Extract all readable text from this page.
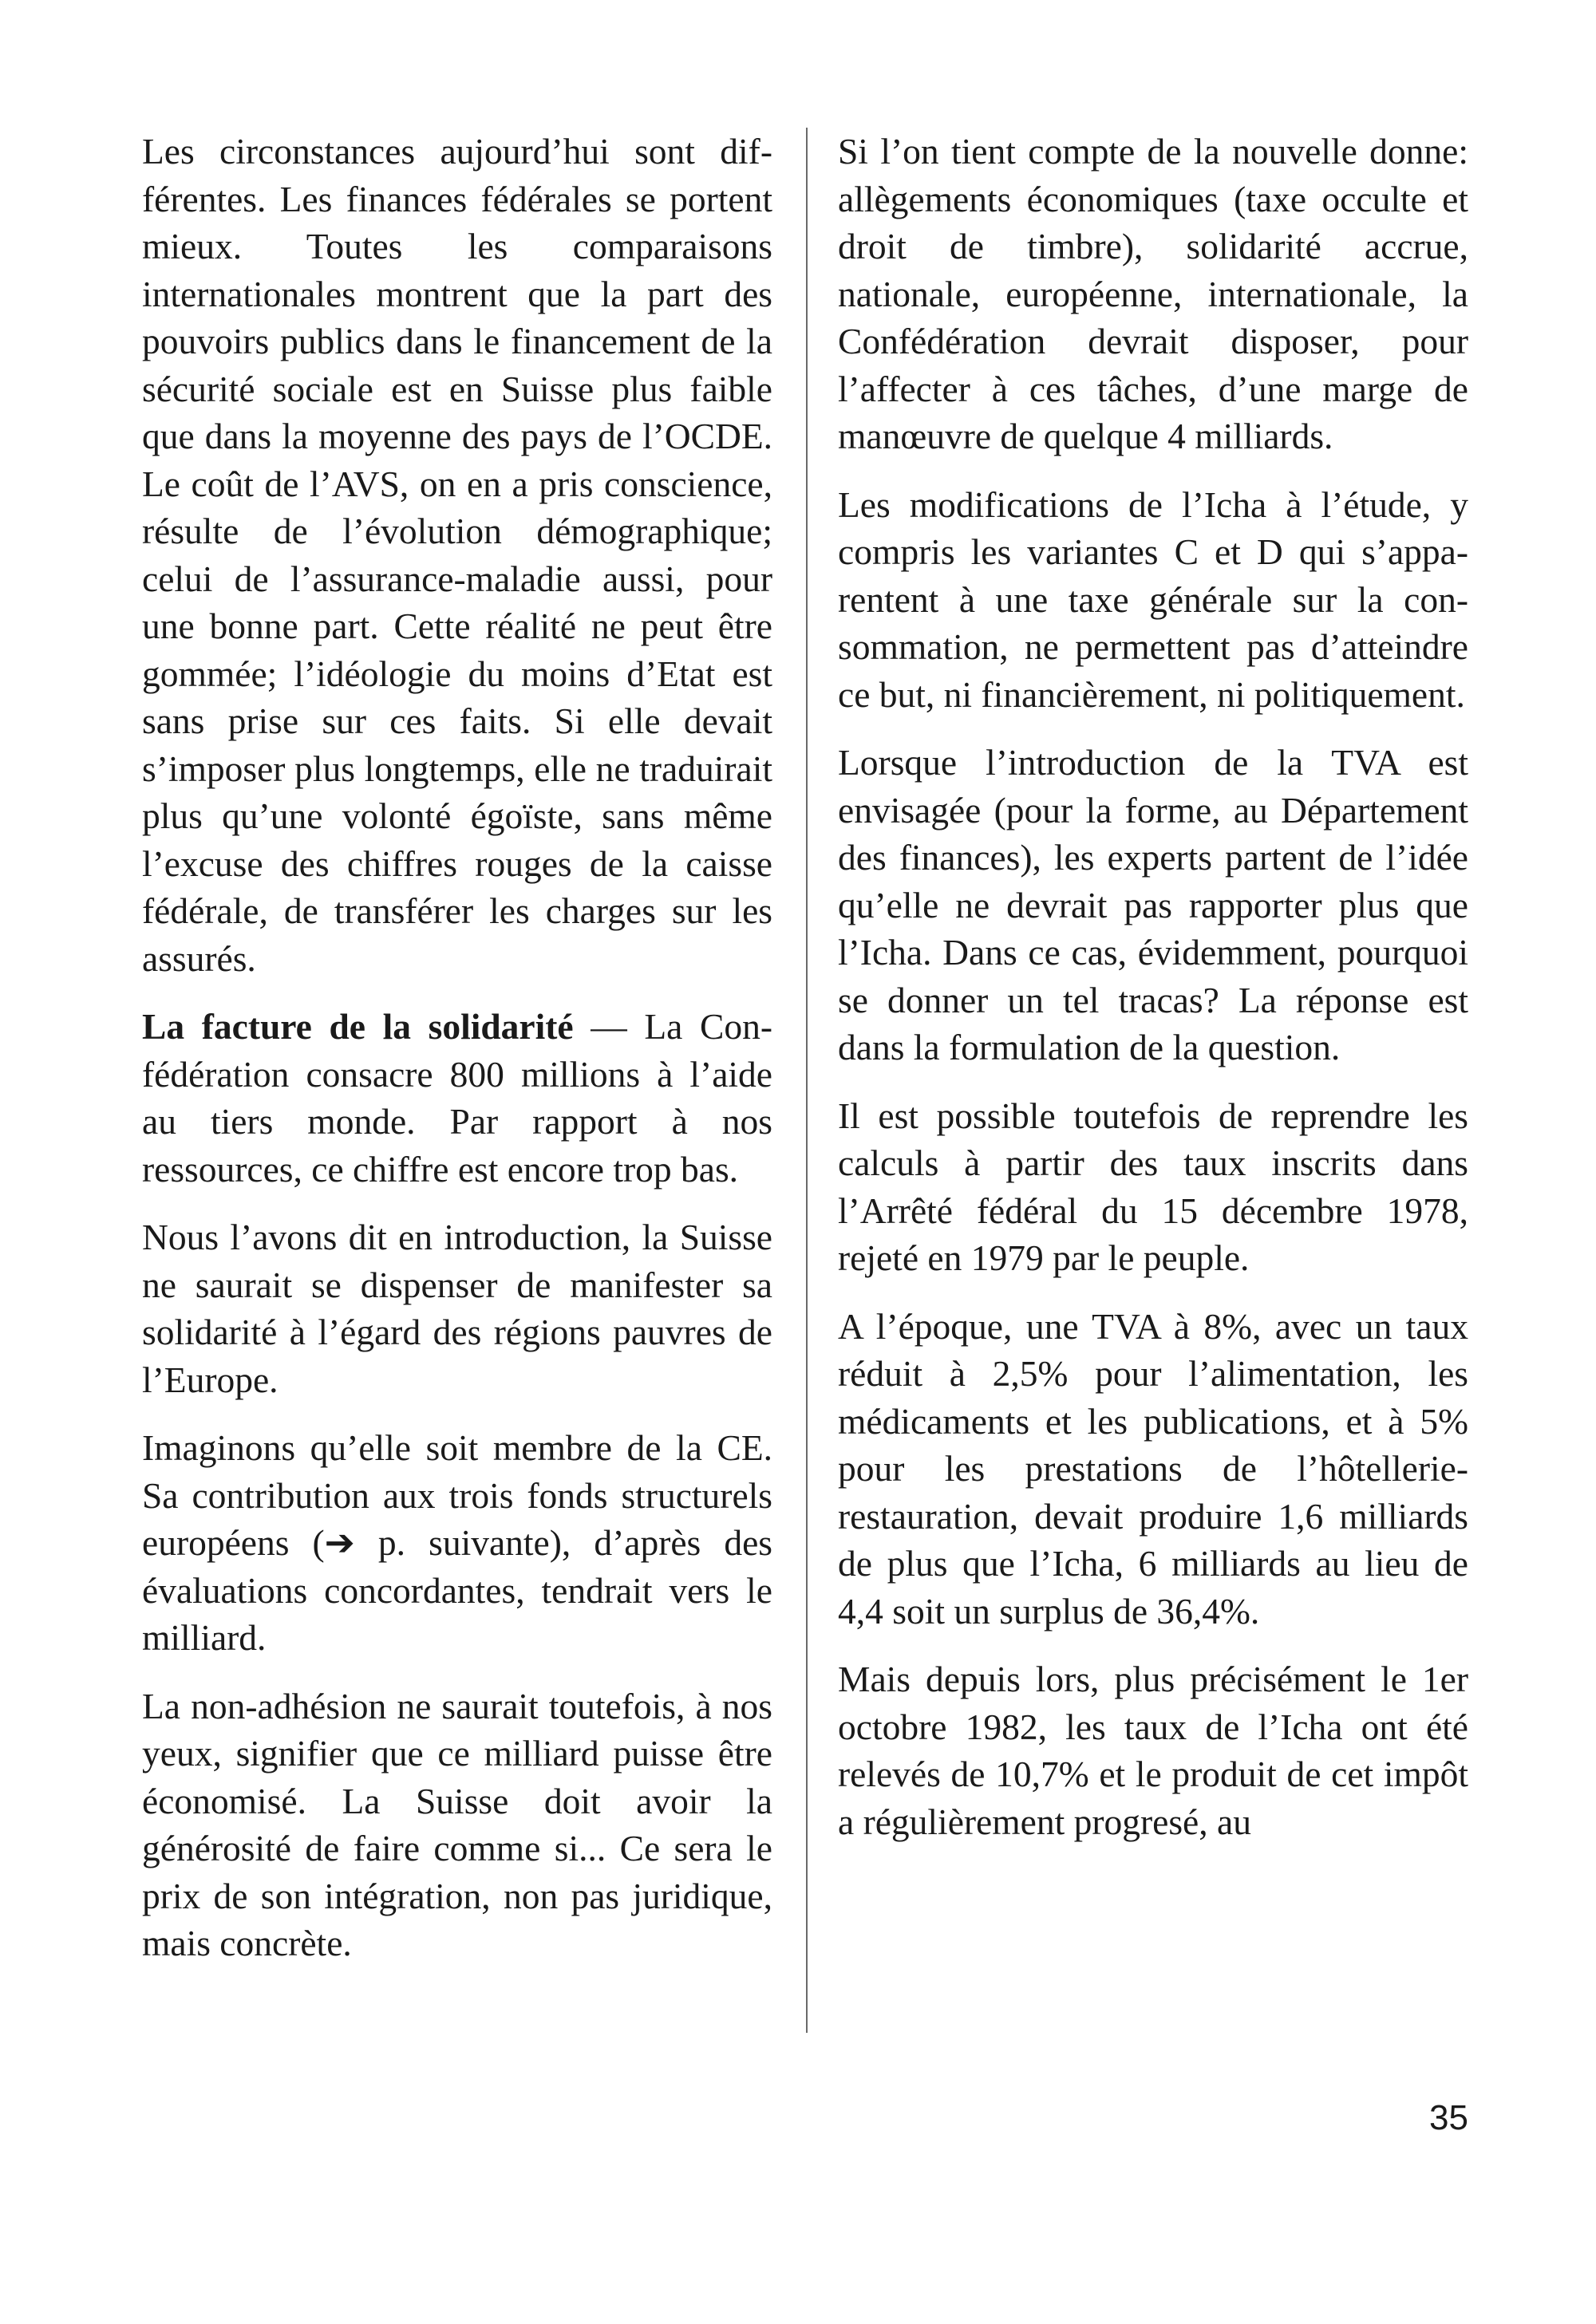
Les circonstances aujourd’hui sont différentes. Les finances fédérales se portent mieux. Toutes les comparaisons internationales montrent que la part des pouvoirs publics dans le financement de la sécurité sociale est en Suisse plus faible que dans la moyenne des pays de l’OCDE. Le coût de l’AVS, on en a pris conscience, résulte de l’évolution démographique; celui de l’assurance-maladie aussi, pour une bonne part. Cette réalité ne peut être gommée; l’idéologie du moins d’Etat est sans prise sur ces faits. Si elle devait s’imposer plus longtemps, elle ne traduirait plus qu’une volonté égoïste, sans même l’excuse des chiffres rouges de la caisse fédérale, de transférer les charges sur les assurés.

La facture de la solidarité — La Confédération consacre 800 millions à l’aide au tiers monde. Par rapport à nos ressources, ce chiffre est encore trop bas.

Nous l’avons dit en introduction, la Suisse ne saurait se dispenser de manifester sa solidarité à l’égard des régions pauvres de l’Europe.

Imaginons qu’elle soit membre de la CE. Sa contribution aux trois fonds structurels européens (➔ p. suivante), d’après des évaluations concordantes, tendrait vers le milliard.

La non-adhésion ne saurait toutefois, à nos yeux, signifier que ce milliard puisse être économisé. La Suisse doit avoir la générosité de faire comme si... Ce sera le prix de son intégration, non pas juridique, mais concrète.

Si l’on tient compte de la nouvelle donne: allègements économiques (taxe occulte et droit de timbre), solidarité accrue, nationale, européenne, internationale, la Confédération devrait disposer, pour l’affecter à ces tâches, d’une marge de manœuvre de quelque 4 milliards.

Les modifications de l’Icha à l’étude, y compris les variantes C et D qui s’apparentent à une taxe générale sur la consommation, ne permettent pas d’atteindre ce but, ni financièrement, ni politiquement.

Lorsque l’introduction de la TVA est envisagée (pour la forme, au Département des finances), les experts partent de l’idée qu’elle ne devrait pas rapporter plus que l’Icha. Dans ce cas, évidemment, pourquoi se donner un tel tracas? La réponse est dans la formulation de la question.

Il est possible toutefois de reprendre les calculs à partir des taux inscrits dans l’Arrêté fédéral du 15 décembre 1978, rejeté en 1979 par le peuple.

A l’époque, une TVA à 8%, avec un taux réduit à 2,5% pour l’alimentation, les médicaments et les publications, et à 5% pour les prestations de l’hôtellerie-restauration, devait produire 1,6 milliards de plus que l’Icha, 6 milliards au lieu de 4,4 soit un surplus de 36,4%.

Mais depuis lors, plus précisément le 1er octobre 1982, les taux de l’Icha ont été relevés de 10,7% et le produit de cet impôt a régulièrement progresé, au

35
